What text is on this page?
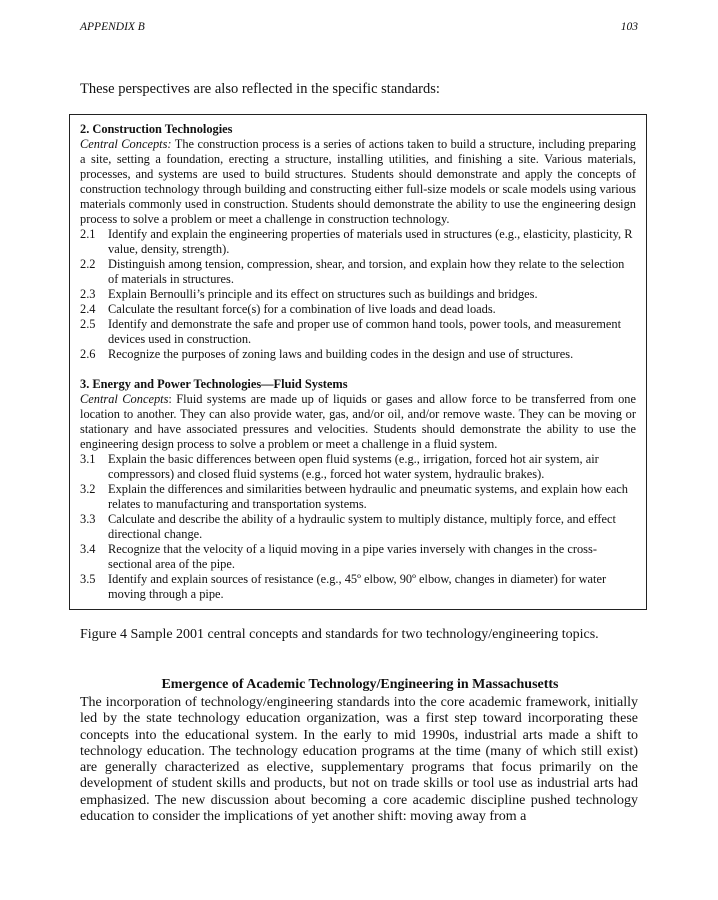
APPENDIX B	103
These perspectives are also reflected in the specific standards:
2. Construction Technologies
Central Concepts: The construction process is a series of actions taken to build a structure, including preparing a site, setting a foundation, erecting a structure, installing utilities, and finishing a site. Various materials, processes, and systems are used to build structures. Students should demonstrate and apply the concepts of construction technology through building and constructing either full-size models or scale models using various materials commonly used in construction. Students should demonstrate the ability to use the engineering design process to solve a problem or meet a challenge in construction technology.
2.1	Identify and explain the engineering properties of materials used in structures (e.g., elasticity, plasticity, R value, density, strength).
2.2	Distinguish among tension, compression, shear, and torsion, and explain how they relate to the selection of materials in structures.
2.3	Explain Bernoulli’s principle and its effect on structures such as buildings and bridges.
2.4	Calculate the resultant force(s) for a combination of live loads and dead loads.
2.5	Identify and demonstrate the safe and proper use of common hand tools, power tools, and measurement devices used in construction.
2.6	Recognize the purposes of zoning laws and building codes in the design and use of structures.
3. Energy and Power Technologies—Fluid Systems
Central Concepts: Fluid systems are made up of liquids or gases and allow force to be transferred from one location to another. They can also provide water, gas, and/or oil, and/or remove waste. They can be moving or stationary and have associated pressures and velocities. Students should demonstrate the ability to use the engineering design process to solve a problem or meet a challenge in a fluid system.
3.1	Explain the basic differences between open fluid systems (e.g., irrigation, forced hot air system, air compressors) and closed fluid systems (e.g., forced hot water system, hydraulic brakes).
3.2	Explain the differences and similarities between hydraulic and pneumatic systems, and explain how each relates to manufacturing and transportation systems.
3.3	Calculate and describe the ability of a hydraulic system to multiply distance, multiply force, and effect directional change.
3.4	Recognize that the velocity of a liquid moving in a pipe varies inversely with changes in the cross-sectional area of the pipe.
3.5	Identify and explain sources of resistance (e.g., 45º elbow, 90º elbow, changes in diameter) for water moving through a pipe.
Figure 4 Sample 2001 central concepts and standards for two technology/engineering topics.
Emergence of Academic Technology/Engineering in Massachusetts
The incorporation of technology/engineering standards into the core academic framework, initially led by the state technology education organization, was a first step toward incorporating these concepts into the educational system. In the early to mid 1990s, industrial arts made a shift to technology education. The technology education programs at the time (many of which still exist) are generally characterized as elective, supplementary programs that focus primarily on the development of student skills and products, but not on trade skills or tool use as industrial arts had emphasized. The new discussion about becoming a core academic discipline pushed technology education to consider the implications of yet another shift: moving away from a
